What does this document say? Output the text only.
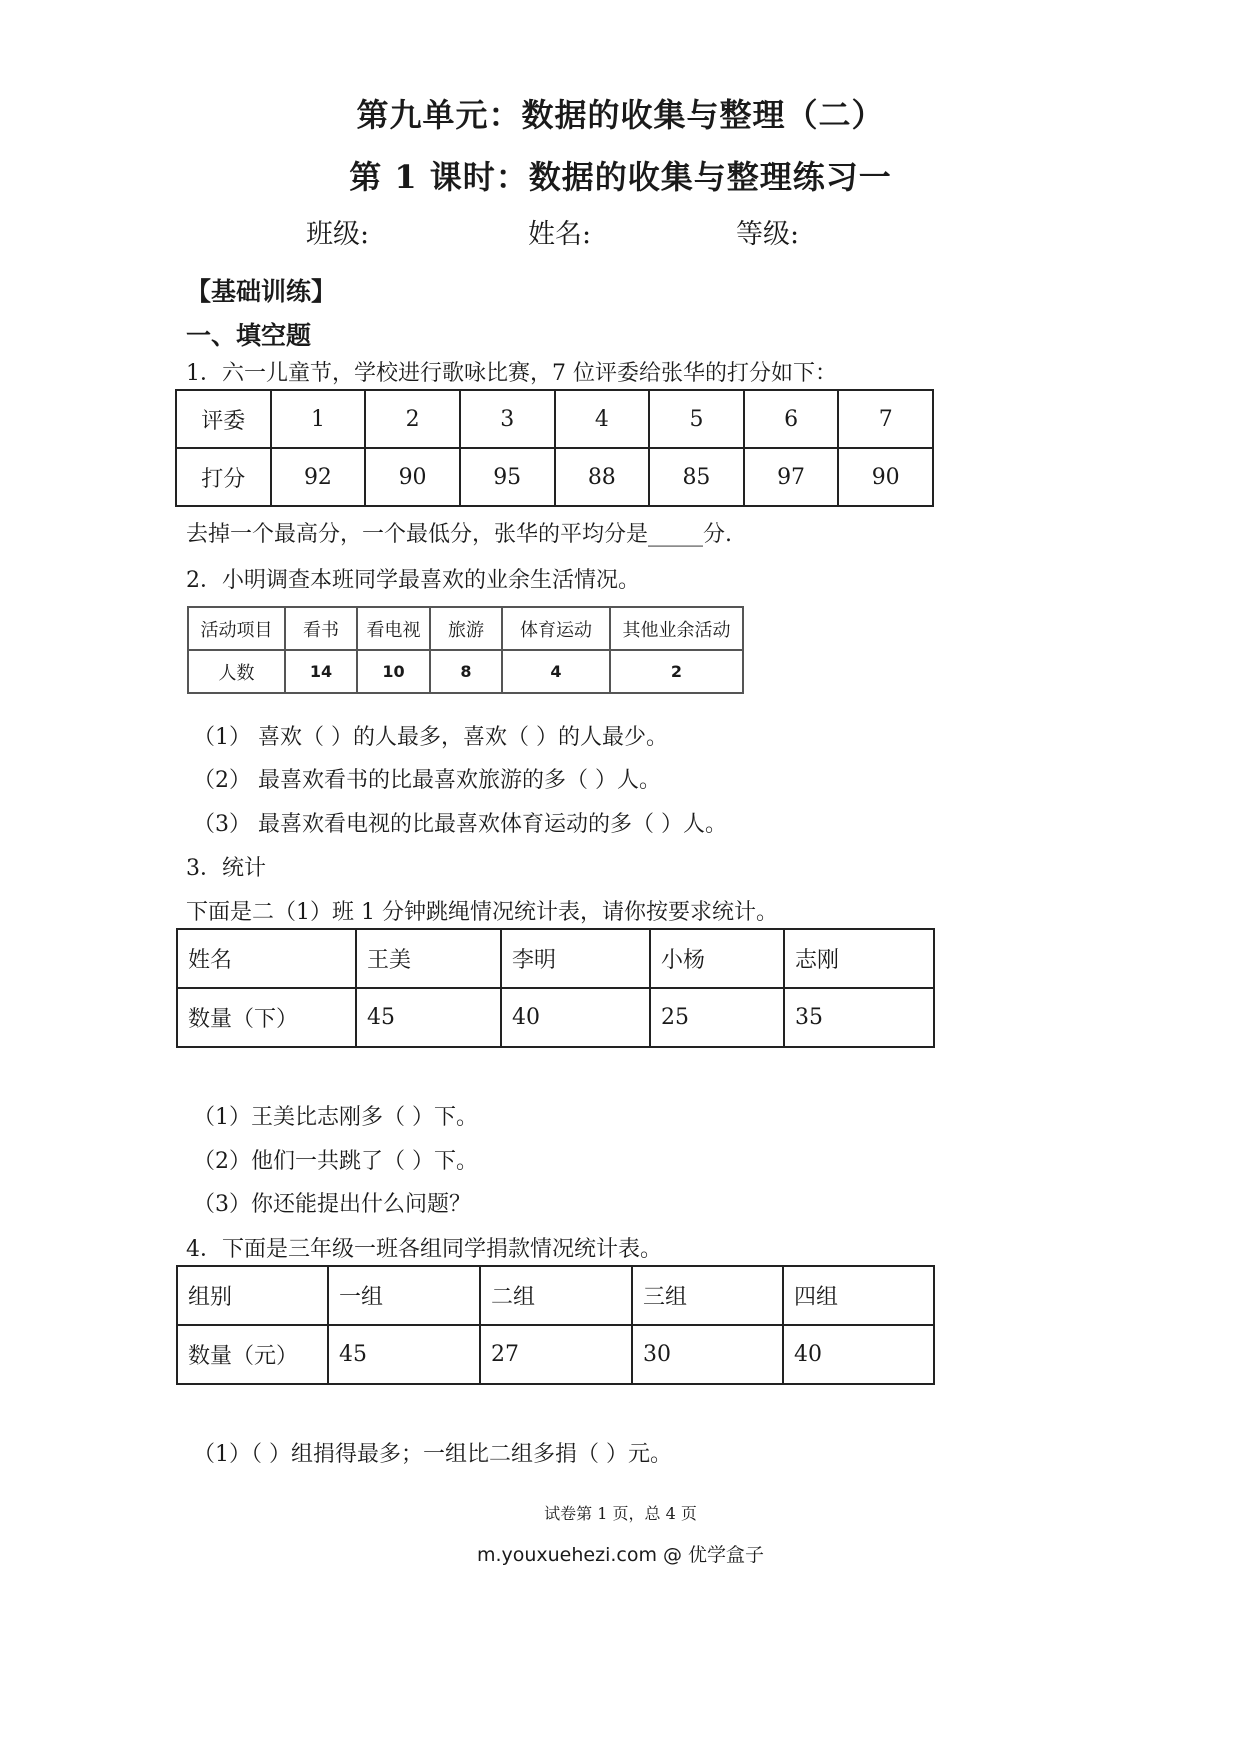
第九单元：数据的收集与整理（二）
第 1 课时：数据的收集与整理练习一
班级:	姓名:	等级:
【基础训练】
一、填空题
1．六一儿童节，学校进行歌咏比赛，7 位评委给张华的打分如下：
评委	1	2	3	4	5	6	7
打分	92	90	95	88	85	97	90
去掉一个最高分，一个最低分，张华的平均分是_____分.
2．小明调查本班同学最喜欢的业余生活情况。
活动项目	看书	看电视	旅游	体育运动	其他业余活动
人数	14	10	8	4	2
（1） 喜欢（ ）的人最多，喜欢（ ）的人最少。
（2） 最喜欢看书的比最喜欢旅游的多（ ）人。
（3） 最喜欢看电视的比最喜欢体育运动的多（ ）人。
3．统计
下面是二（1）班 1 分钟跳绳情况统计表，请你按要求统计。
姓名	王美	李明	小杨	志刚
数量（下）	45	40	25	35
（1）王美比志刚多（ ）下。
（2）他们一共跳了（ ）下。
（3）你还能提出什么问题？
4．下面是三年级一班各组同学捐款情况统计表。
组别	一组	二组	三组	四组
数量（元）	45	27	30	40
（1）（ ）组捐得最多；一组比二组多捐（ ）元。
试卷第 1 页，总 4 页
m.youxuehezi.com @ 优学盒子
